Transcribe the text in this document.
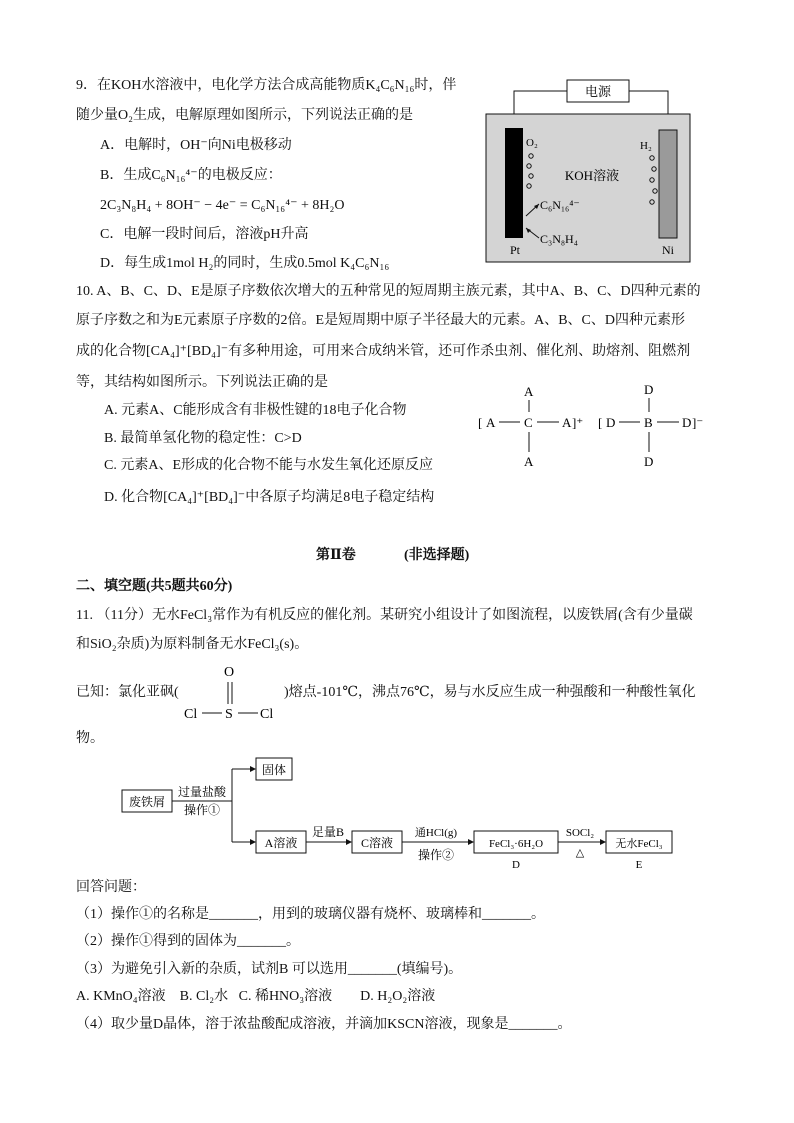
9．在KOH水溶液中，电化学方法合成高能物质K₄C₆N₁₆时，伴
随少量O₂生成，电解原理如图所示，下列说法正确的是
A．电解时，OH⁻向Ni电极移动
B．生成C₆N₁₆⁴⁻的电极反应：
2C₃N₈H₄ + 8OH⁻ − 4e⁻ = C₆N₁₆⁴⁻ + 8H₂O
C．电解一段时间后，溶液pH升高
D．每生成1mol H₂的同时，生成0.5mol K₄C₆N₁₆
电源
O₂	H₂
KOH溶液
C₆N₁₆⁴⁻
C₃N₈H₄
Pt	Ni
10. A、B、C、D、E是原子序数依次增大的五种常见的短周期主族元素，其中A、B、C、D四种元素的
原子序数之和为E元素原子序数的2倍。E是短周期中原子半径最大的元素。A、B、C、D四种元素形
成的化合物[CA₄]⁺[BD₄]⁻有多种用途，可用来合成纳米管，还可作杀虫剂、催化剂、助熔剂、阻燃剂
等，其结构如图所示。下列说法正确的是
A. 元素A、C能形成含有非极性键的18电子化合物
B. 最简单氢化物的稳定性：C>D
C. 元素A、E形成的化合物不能与水发生氧化还原反应
D. 化合物[CA₄]⁺[BD₄]⁻中各原子均满足8电子稳定结构
[ A C
A
A
A ]⁺ [ D B
D
D
D ]⁻
第Ⅱ卷	(非选择题)
二、填空题(共5题共60分)
11. （11分）无水FeCl₃常作为有机反应的催化剂。某研究小组设计了如图流程，以废铁屑(含有少量碳
和SiO₂杂质)为原料制备无水FeCl₃(s)。
已知：氯化亚砜(
O
S
Cl	Cl
)熔点-101℃，沸点76℃，易与水反应生成一种强酸和一种酸性氧化
物。
废铁屑
过量盐酸
操作①
固体
A溶液
足量B
C溶液
通HCl(g)
操作②
FeCl₃·6H₂O
D
SOCl₂
△
无水FeCl₃
E
回答问题：
（1）操作①的名称是_______，用到的玻璃仪器有烧杯、玻璃棒和_______。
（2）操作①得到的固体为_______。
（3）为避免引入新的杂质，试剂B 可以选用_______(填编号)。
A. KMnO₄溶液    B. Cl₂水   C. 稀HNO₃溶液        D. H₂O₂溶液
（4）取少量D晶体，溶于浓盐酸配成溶液，并滴加KSCN溶液，现象是_______。
